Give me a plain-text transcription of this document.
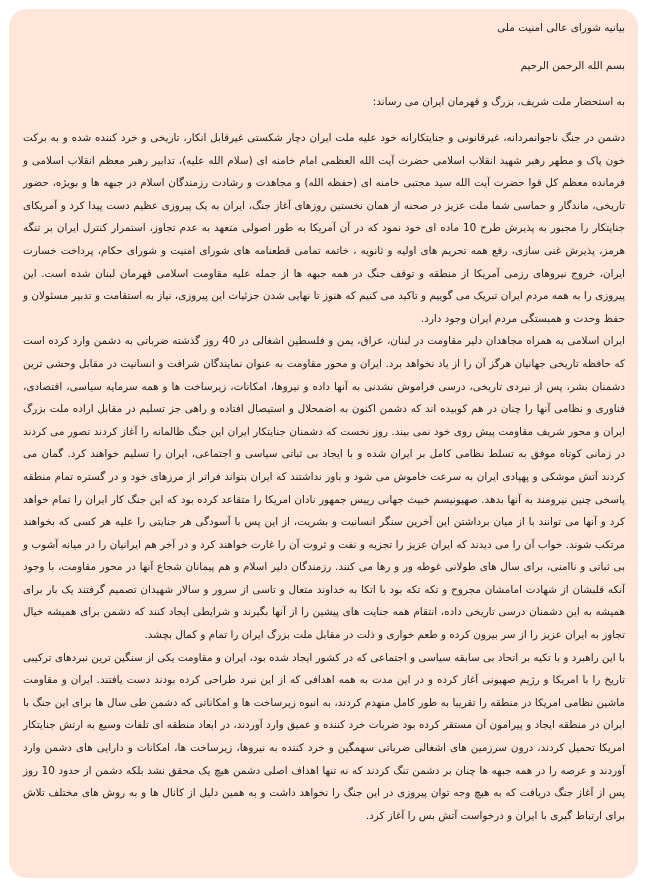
بیانیه شورای عالی امنیت ملی

بسم الله الرحمن الرحیم

به استحضار ملت شریف، بزرگ و قهرمان ایران می رساند:

دشمن در جنگ ناجوانمردانه، غیرقانونی و جنایتکارانه خود علیه ملت ایران دچار شکستی غیرقابل انکار، تاریخی و خرد کننده شده و به برکت خون پاک و مطهر رهبر شهید انقلاب اسلامی حضرت آیت الله العظمی امام خامنه ای (سلام الله علیه)، تدابیر رهبر معظم انقلاب اسلامی و فرمانده معظم کل قوا حضرت آیت الله سید مجتبی خامنه ای (حفظه الله) و مجاهدت و رشادت رزمندگان اسلام در جبهه ها و بویژه، حضور تاریخی، ماندگار و حماسی شما ملت عزیز در صحنه از همان نخستین روزهای آغاز جنگ، ایران به یک پیروزی عظیم دست پیدا کرد و آمریکای جنایتکار را مجبور به پذیرش طرح 10 ماده ای خود نمود که در آن آمریکا به طور اصولی متعهد به عدم تجاوز، استمرار کنترل ایران بر تنگه هرمز، پذیرش غنی سازی، رفع همه تحریم های اولیه و ثانویه ، خاتمه تمامی قطعنامه های شورای امنیت و شورای حکام، پرداخت خسارت ایران، خروج نیروهای رزمی آمریکا از منطقه و توقف جنگ در همه جبهه ها از جمله علیه مقاومت اسلامی قهرمان لبنان شده است. این پیروزی را به همه مردم ایران تبریک می گوییم و تاکید می کنیم که هنوز تا نهایی شدن جزئیات این پیروزی، نیاز به استقامت و تدبیر مسئولان و حفظ وحدت و همبستگی مردم ایران وجود دارد.

ایران اسلامی به همراه مجاهدان دلیر مقاومت در لبنان، عراق، یمن و فلسطین اشغالی در 40 روز گذشته ضرباتی به دشمن وارد کرده است که حافظه تاریخی جهانیان هرگز آن را از یاد نخواهد برد. ایران و محور مقاومت به عنوان نمایندگان شرافت و انسانیت در مقابل وحشی ترین دشمنان بشر، پس از نبردی تاریخی، درسی فراموش نشدنی به آنها داده و نیروها، امکانات، زیرساخت ها و همه سرمایه سیاسی، اقتصادی، فناوری و نظامی آنها را چنان در هم کوبیده اند که دشمن اکنون به اضمحلال و استیصال افتاده و راهی جز تسلیم در مقابل اراده ملت بزرگ ایران و محور شریف مقاومت پیش روی خود نمی بیند. روز نخست که دشمنان جنایتکار ایران این جنگ ظالمانه را آغاز کردند تصور می کردند در زمانی کوتاه موفق به تسلط نظامی کامل بر ایران شده و با ایجاد بی ثباتی سیاسی و اجتماعی، ایران را تسلیم خواهند کرد. گمان می کردند آتش موشکی و پهپادی ایران به سرعت خاموش می شود و باور نداشتند که ایران بتواند فراتر از مرزهای خود و در گستره تمام منطقه پاسخی چنین نیرومند به آنها بدهد. صهیونیسم خبیث جهانی رییس جمهور نادان امریکا را متقاعد کرده بود که این جنگ کار ایران را تمام خواهد کرد و آنها می توانند با از میان برداشتن این آخرین سنگر انسانیت و بشریت، از این پس با آسودگی هر جنایتی را علیه هر کسی که بخواهند مرتکب شوند. خواب آن را می دیدند که ایران عزیز را تجزیه و نفت و ثروت آن را غارت خواهند کرد و در آخر هم ایرانیان را در میانه آشوب و بی ثباتی و ناامنی، برای سال های طولانی غوطه ور و رها می کنند. رزمندگان دلیر اسلام و هم پیمانان شجاع آنها در محور مقاومت، با وجود آنکه قلبشان از شهادت امامشان مجروح و تکه تکه بود با اتکا به خداوند متعال و تاسی از سرور و سالار شهیدان تصمیم گرفتند یک بار برای همیشه به این دشمنان درسی تاریخی داده، انتقام همه جنایت های پیشین را از آنها بگیرند و شرایطی ایجاد کنند که دشمن برای همیشه خیال تجاوز به ایران عزیز را از سر بیرون کرده و طعم خواری و ذلت در مقابل ملت بزرگ ایران را تمام و کمال بچشد.

با این راهبرد و با تکیه بر اتحاد بی سابقه سیاسی و اجتماعی که در کشور ایجاد شده بود، ایران و مقاومت یکی از سنگین ترین نبردهای ترکیبی تاریخ را با امریکا و رژیم صهیونی آغاز کرده و در این مدت به همه اهدافی که از این نبرد طراحی کرده بودند دست یافتند. ایران و مقاومت ماشین نظامی امریکا در منطقه را تقریبا به طور کامل منهدم کردند، به انبوه زیرساخت ها و امکاناتی که دشمن طی سال ها برای این جنگ با ایران در منطقه ایجاد و پیرامون آن مستقر کرده بود ضربات خرد کننده و عمیق وارد آوردند، در ابعاد منطقه ای تلفات وسیع به ارتش جنایتکار امریکا تحمیل کردند، درون سرزمین های اشغالی ضرباتی سهمگین و خرد کننده به نیروها، زیرساخت ها، امکانات و دارایی های دشمن وارد آوردند و عرصه را در همه جبهه ها چنان بر دشمن تنگ کردند که نه تنها اهداف اصلی دشمن هیچ یک محقق نشد بلکه دشمن از حدود 10 روز پس از آغاز جنگ دریافت که به هیچ وجه توان پیروزی در این جنگ را نخواهد داشت و به همین دلیل از کانال ها و به روش های مختلف تلاش برای ارتباط گیری با ایران و درخواست آتش بس را آغاز کرد.
